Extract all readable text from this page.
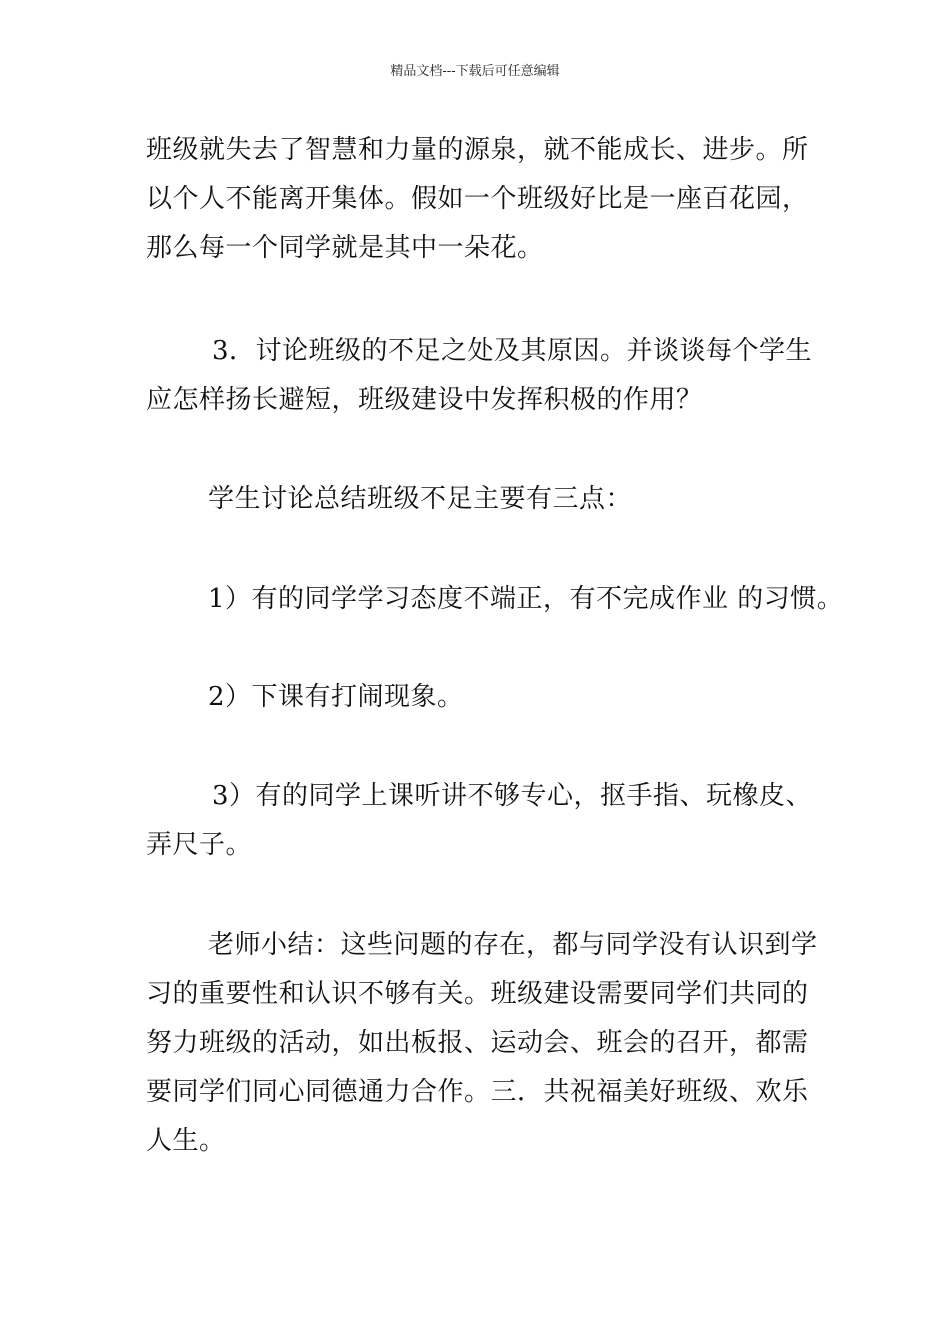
精品文档---下载后可任意编辑
班级就失去了智慧和力量的源泉，就不能成长、进步。所
以个人不能离开集体。假如一个班级好比是一座百花园，
那么每一个同学就是其中一朵花。
3．讨论班级的不足之处及其原因。并谈谈每个学生
应怎样扬长避短，班级建设中发挥积极的作用？
学生讨论总结班级不足主要有三点：
1）有的同学学习态度不端正，有不完成作业 的习惯。
2）下课有打闹现象。
3）有的同学上课听讲不够专心，抠手指、玩橡皮、
弄尺子。
老师小结：这些问题的存在，都与同学没有认识到学
习的重要性和认识不够有关。班级建设需要同学们共同的
努力班级的活动，如出板报、运动会、班会的召开，都需
要同学们同心同德通力合作。三．共祝福美好班级、欢乐
人生。
